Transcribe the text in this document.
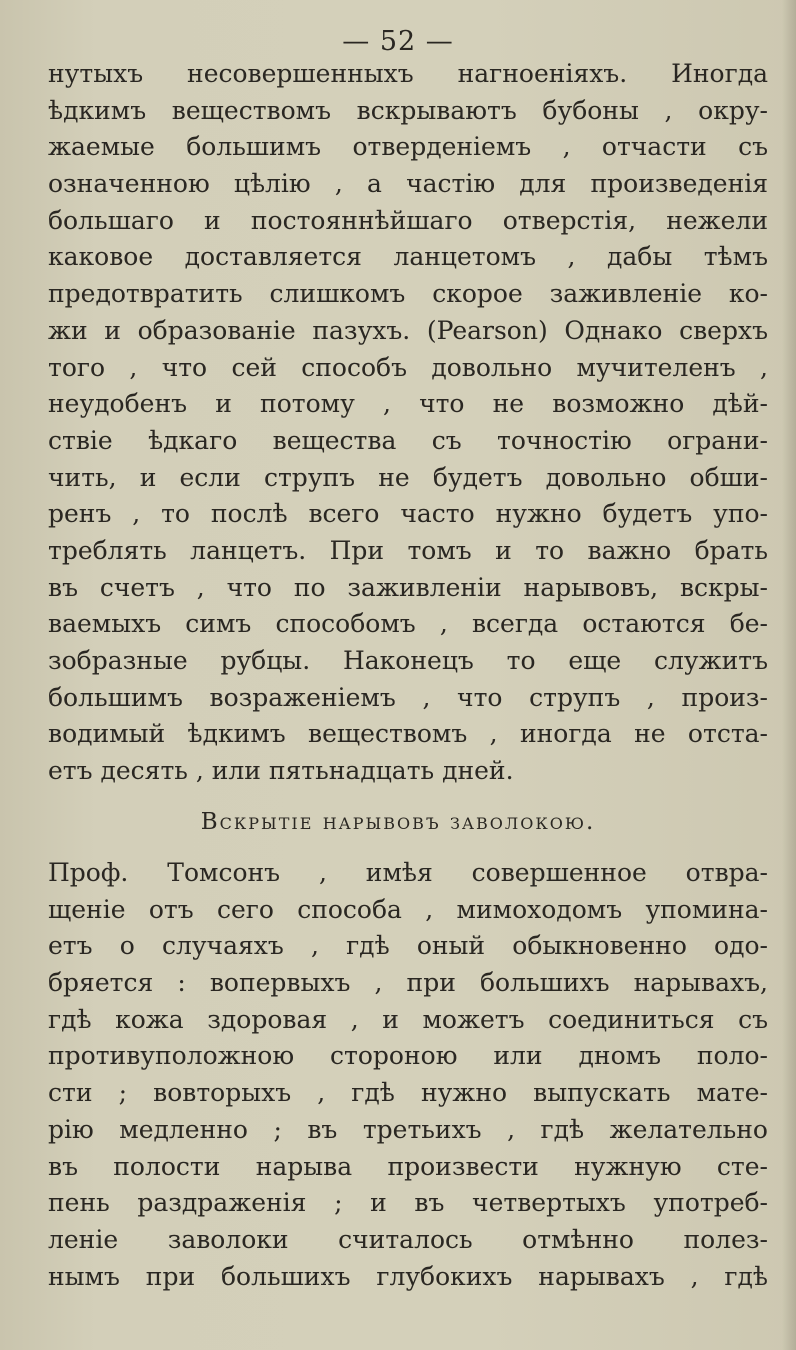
— 52 —
нутыхъ несовершенныхъ нагноеніяхъ. Иногда
ѣдкимъ веществомъ вскрываютъ бубоны , окру-
жаемые большимъ отверденіемъ , отчасти съ
означенною цѣлію , а частію для произведенія
большаго и постояннѣйшаго отверстія, нежели
каковое доставляется ланцетомъ , дабы тѣмъ
предотвратить слишкомъ скорое заживленіе ко-
жи и образованіе пазухъ. (Pearson) Однако сверхъ
того , что сей способъ довольно мучителенъ ,
неудобенъ и потому , что не возможно дѣй-
ствіе ѣдкаго вещества съ точностію ограни-
чить, и если струпъ не будетъ довольно обши-
ренъ , то послѣ всего часто нужно будетъ упо-
треблять ланцетъ. При томъ и то важно брать
въ счетъ , что по заживленіи нарывовъ, вскры-
ваемыхъ симъ способомъ , всегда остаются бе-
зобразные рубцы. Наконецъ то еще служитъ
большимъ возраженіемъ , что струпъ , произ-
водимый ѣдкимъ веществомъ , иногда не отста-
етъ десять , или пятьнадцать дней.
Вскрытіе нарывовъ заволокою.
Проф. Томсонъ , имѣя совершенное отвра-
щеніе отъ сего способа , мимоходомъ упомина-
етъ о случаяхъ , гдѣ оный обыкновенно одо-
бряется : вопервыхъ , при большихъ нарывахъ,
гдѣ кожа здоровая , и можетъ соединиться съ
противуположною стороною или дномъ поло-
сти ; вовторыхъ , гдѣ нужно выпускать мате-
рію медленно ; въ третьихъ , гдѣ желательно
въ полости нарыва произвести нужную сте-
пень раздраженія ; и въ четвертыхъ употреб-
леніе заволоки считалось отмѣнно полез-
нымъ при большихъ глубокихъ нарывахъ , гдѣ
